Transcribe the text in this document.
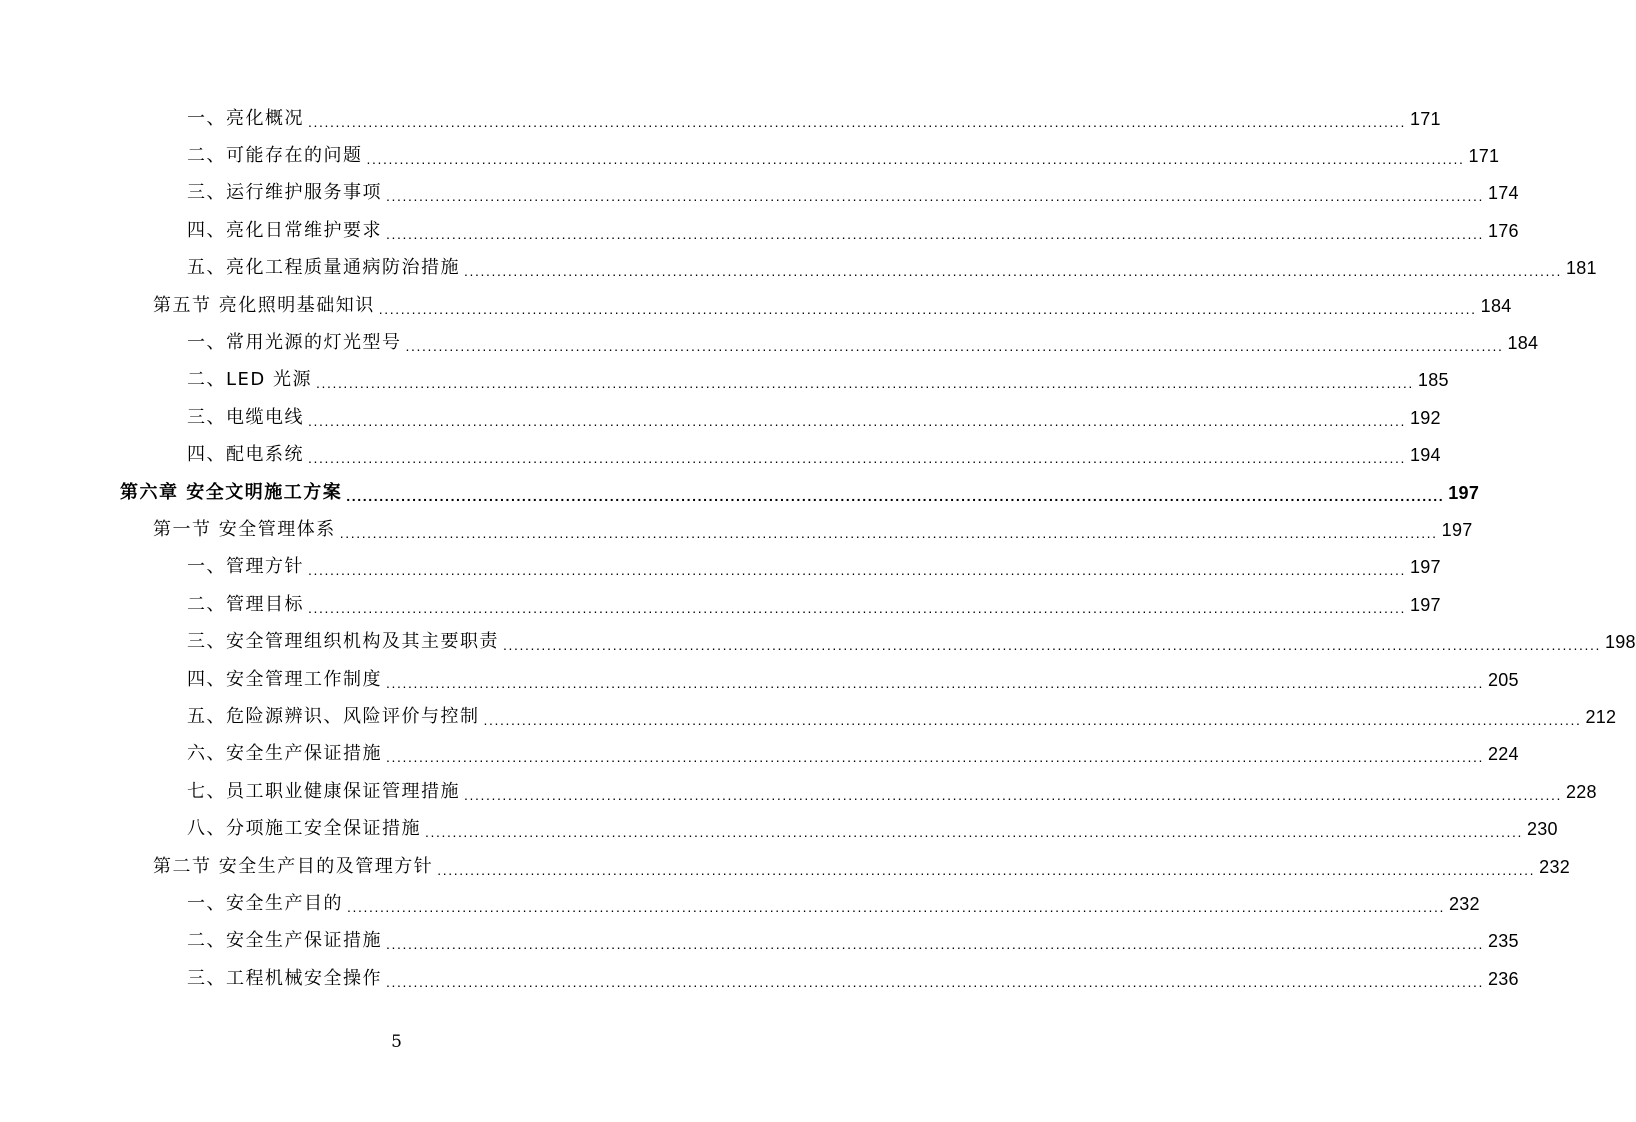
一、亮化概况 ........................................................................................................................................................................................................ 171
二、可能存在的问题 ........................................................................................................................................................................................................ 171
三、运行维护服务事项 ........................................................................................................................................................................................................ 174
四、亮化日常维护要求 ........................................................................................................................................................................................................ 176
五、亮化工程质量通病防治措施 ........................................................................................................................................................................................................ 181
第五节 亮化照明基础知识 ........................................................................................................................................................................................................ 184
一、常用光源的灯光型号 ........................................................................................................................................................................................................ 184
二、LED 光源 ........................................................................................................................................................................................................ 185
三、电缆电线 ........................................................................................................................................................................................................ 192
四、配电系统 ........................................................................................................................................................................................................ 194
第六章 安全文明施工方案 ........................................................................................................................................................................................................ 197
第一节 安全管理体系 ........................................................................................................................................................................................................ 197
一、管理方针 ........................................................................................................................................................................................................ 197
二、管理目标 ........................................................................................................................................................................................................ 197
三、安全管理组织机构及其主要职责 ........................................................................................................................................................................................................ 198
四、安全管理工作制度 ........................................................................................................................................................................................................ 205
五、危险源辨识、风险评价与控制 ........................................................................................................................................................................................................ 212
六、安全生产保证措施 ........................................................................................................................................................................................................ 224
七、员工职业健康保证管理措施 ........................................................................................................................................................................................................ 228
八、分项施工安全保证措施 ........................................................................................................................................................................................................ 230
第二节 安全生产目的及管理方针 ........................................................................................................................................................................................................ 232
一、安全生产目的 ........................................................................................................................................................................................................ 232
二、安全生产保证措施 ........................................................................................................................................................................................................ 235
三、工程机械安全操作 ........................................................................................................................................................................................................ 236
5
